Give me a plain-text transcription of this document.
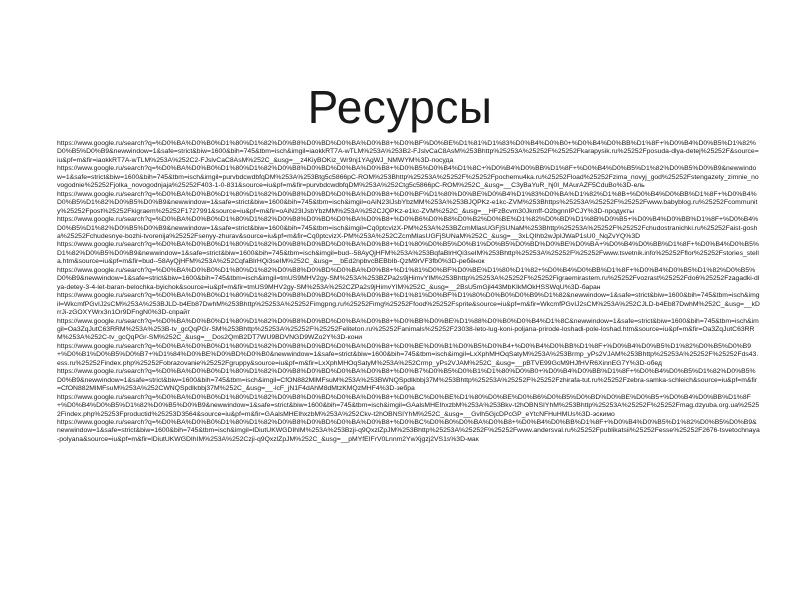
Ресурсы

https://www.google.ru/search?q=%D0%BA%D0%B0%D1%80%D1%82%D0%B8%D0%BD%D0%BA%D0%B8+%D0%BF%D0%BE%D1%81%D1%83%D0%B4%D0%B0+%D0%B4%D0%BB%D1%8F+%D0%B4%D0%B5%D1%82%D0%B5%D0%B9&newwindow=1&safe=strict&biw=1600&bih=745&tbm=isch&imgil=iaokkRT7A-wTLM%253A%253B2-FJslvCaC8AsM%253Bhttp%25253A%25252F%25252Fkarapysik.ru%25252Fposuda-dlya-detej%25252F&source=iu&pf=m&fir=iaokkRT7A-wTLM%253A%252C2-FJslvCaC8AsM%252C_&usg=__z4KiyBOKiz_Wr9nj1YAgWJ_NMWYM%3D-посуда

https://www.google.ru/search?q=%D0%BA%D0%B0%D1%80%D1%82%D0%B8%D0%BD%D0%BA%D0%B8+%D0%B5%D0%B4%D1%8C+%D0%B4%D0%BB%D1%8F+%D0%B4%D0%B5%D1%82%D0%B5%D0%B9&newwindow=1&safe=strict&biw=1600&bih=745&tbm=isch&imgil=purvbdcwdbfqDM%253A%253Btg5c5866pC-ROM%253Bhttp%25253A%25252F%25252Fpochemu4ka.ru%25252Fload%25252Fzima_novyj_god%25252Fstengazety_zimnie_novogodnie%25252Fjolka_novogodnjaja%25252F403-1-0-831&source=iu&pf=m&fir=purvbdcwdbfqDM%253A%252Ctg5c5866pC-ROM%252C_&usg=__C3yBaYuR_hj0I_MAurAZF5CduBo%3D-ель

https://www.google.ru/search?q=%D0%BA%D0%B0%D1%80%D1%82%D0%B8%D0%BD%D0%BA%D0%B8+%D0%BF%D1%80%D0%BE%D0%B4%D1%83%D0%BA%D1%82%D1%8B+%D0%B4%D0%BB%D1%8F+%D0%B4%D0%B5%D1%82%D0%B5%D0%B9&newwindow=1&safe=strict&biw=1600&bih=745&tbm=isch&imgil=oAiN23IJsbYbzMM%253A%253BJQPKz-e1kc-ZVM%253Bhttps%25253A%25252F%25252Fwww.babyblog.ru%25252Fcommunity%25252Fpost%25252Fkigraem%25252F1727991&source=iu&pf=m&fir=oAiN23IJsbYbzMM%253A%252CJQPKz-e1kc-ZVM%252C_&usg=__HFzBcvm30Jkmff-O2bgnnIPCJY%3D-продукты

https://www.google.ru/search?q=%D0%BA%D0%B0%D1%80%D1%82%D0%B8%D0%BD%D0%BA%D0%B8+%D0%B6%D0%B8%D0%B2%D0%BE%D1%82%D0%BD%D1%8B%D0%B5+%D0%B4%D0%BB%D1%8F+%D0%B4%D0%B5%D1%82%D0%B5%D0%B9&newwindow=1&safe=strict&biw=1600&bih=745&tbm=isch&imgil=Cq0ptcvizX-PM%253A%253BZcmMlasUGFjSUNaM%253Bhttp%25253A%25252F%25252Fchudostranichki.ru%25252Faist-gosha%25252Fchudesnye-bozhi-tvorenija%25252Fsenyy-zhurav&source=iu&pf=m&fir=Cq0ptcvizX-PM%253A%252CZcmMlasUGFjSUNaM%252C_&usg=__3xLQIhb2wJpIJWaP1sU0_NqZvYQ%3D

https://www.google.ru/search?q=%D0%BA%D0%B0%D1%80%D1%82%D0%B8%D0%BD%D0%BA%D0%B8+%D1%80%D0%B5%D0%B1%D0%B5%D0%BD%D0%BE%D0%BA+%D0%B4%D0%BB%D1%8F+%D0%B4%D0%B5%D1%82%D0%B5%D0%B9&newwindow=1&safe=strict&biw=1600&bih=745&tbm=isch&imgil=bud--58AyQjHFM%253A%253BqfaBlrHQi3seIM%253Bhttp%25253A%25252F%25252Fwww.tsvetnik.info%25252Fflor%25252Fstories_stella.htm&source=iu&pf=m&fir=bud--58AyQjHFM%253A%252CqfaBlrHQi3seIM%252C_&usg=__bEd2npbvcBEBbIb-QzM9rVF3fb0%3D-ребёнок

https://www.google.ru/search?q=%D0%BA%D0%B0%D1%80%D1%82%D0%B8%D0%BD%D0%BA%D0%B8+%D1%81%D0%BF%D0%BE%D1%80%D1%82+%D0%B4%D0%BB%D1%8F+%D0%B4%D0%B5%D1%82%D0%B5%D0%B9&newwindow=1&safe=strict&biw=1600&bih=745&tbm=isch&imgil=tmUS9MHV2gy-SM%253A%253BZPa2s9jHimvYIM%253Bhttp%25253A%25252F%25252Figraemirastem.ru%25252Fvozrast%25252Fdo6%25252Fzagadki-dlya-detey-3-4-let-baran-belochka-byichok&source=iu&pf=m&fir=tmUS9MHV2gy-SM%253A%252CZPa2s9jHimvYIM%252C_&usg=__2BsU5mGjl443MbKIkMOkHSSWqU%3D-баран

https://www.google.ru/search?q=%D0%BA%D0%B0%D1%80%D1%82%D0%B8%D0%BD%D0%BA%D0%B8+%D1%81%D0%BF%D1%80%D0%B0%D0%B9%D1%82&newwindow=1&safe=strict&biw=1600&bih=745&tbm=isch&imgil=WkcmfPGvIJ2sCM%253A%253BJLD-b4Eb87DwhM%253Bhttp%25253A%25252Fimgpng.ru%25252Fimg%25252Ffood%25252Fsprite&source=iu&pf=m&fir=WkcmfPGvIJ2sCM%253A%252CJLD-b4Eb87DwhM%252C_&usg=__kDrrJi-zGOXYWrx3n1Or9DFngN0%3D-спрайт

https://www.google.ru/search?q=%D0%BA%D0%B0%D1%80%D1%82%D0%B8%D0%BD%D0%BA%D0%B8+%D0%BB%D0%BE%D1%88%D0%B0%D0%B4%D1%8C&newwindow=1&safe=strict&biw=1600&bih=745&tbm=isch&imgil=Oa3ZqJutC63RRM%253A%253B-tv_gcQqPGr-SM%253Bhttp%25253A%25252F%25252Feliteton.ru%25252Fanimals%25252F23038-leto-lug-koni-poljana-prirode-loshadi-pole-loshad.htm&source=iu&pf=m&fir=Oa3ZqJutC63RRM%253A%252C-tv_gcQqPGr-SM%252C_&usg=__Dos2QmB2DT7WU9BDVNGD9WZo2Y%3D-кони

https://www.google.ru/search?q=%D0%BA%D0%B0%D1%80%D1%82%D0%B8%D0%BD%D0%BA%D0%B8+%D0%BE%D0%B1%D0%B5%D0%B4+%D0%B4%D0%BB%D1%8F+%D0%B4%D0%B5%D1%82%D0%B5%D0%B9+%D0%B1%D0%B5%D0%B7+%D1%84%D0%BE%D0%BD%D0%B0&newwindow=1&safe=strict&biw=1600&bih=745&tbm=isch&imgil=LxXphMHOqSatyM%253A%253Brmp_yPs2VJAM%253Bhttp%25253A%25252F%25252Fds43.ess.ru%25252Findex.php%25252Fobrazovanie%25252Fgruppy&source=iu&pf=m&fir=LxXphMHOqSatyM%253A%252Crmp_yPs2VJAM%252C_&usg=__pBTVE99GcM9HJfHVR6XinnEG7Y%3D-обед

https://www.google.ru/search?q=%D0%BA%D0%B0%D1%80%D1%82%D0%B8%D0%BD%D0%BA%D0%B8+%D0%B7%D0%B5%D0%B1%D1%80%D0%B0+%D0%B4%D0%BB%D1%8F+%D0%B4%D0%B5%D1%82%D0%B5%D0%B9&newwindow=1&safe=strict&biw=1600&bih=745&tbm=isch&imgil=CfON882MlMFsuM%253A%253BWNQSpdIkbbj37M%253Bhttp%25253A%25252F%25252Fzhirafa-tut.ru%25252Fzebra-samka-schleich&source=iu&pf=m&fir=CfON882MlMFsuM%253A%252CWNQSpdIkbbj37M%252C_&usg=__-lcF_jN1F4dAhM8dMtzKMQzMHF4%3D-зебра

https://www.google.ru/search?q=%D0%BA%D0%B0%D1%80%D1%82%D0%B8%D0%BD%D0%BA%D0%B8+%D0%BC%D0%BE%D1%80%D0%BE%D0%B6%D0%B5%D0%BD%D0%BE%D0%B5+%D0%B4%D0%BB%D1%8F+%D0%B4%D0%B5%D1%82%D0%B5%D0%B9&newwindow=1&safe=strict&biw=1600&bih=745&tbm=isch&imgil=GAalsMHEIhxzbM%253A%253Bkv-t2hOBNSIYhM%253Bhttp%25253A%25252F%25252Fmag.dzyuba.org.ua%25252Findex.php%25253Fproductid%25253D3564&source=iu&pf=m&fir=GAalsMHEIhxzbM%253A%252Ckv-t2hOBNSIYhM%252C_&usg=__Gvlh5GjcDPcGP_eYtcNFHuHMUs%3D-эскимо

https://www.google.ru/search?q=%D0%BA%D0%B0%D1%80%D1%82%D0%B8%D0%BD%D0%BA%D0%B8+%D0%BC%D0%B0%D0%BA%D0%B8+%D0%B4%D0%BB%D1%8F+%D0%B4%D0%B5%D1%82%D0%B5%D0%B9&newwindow=1&safe=strict&biw=1600&bih=745&tbm=isch&imgil=lDiutUKWGDIhIM%253A%253Bzji-q9QxzlZpJM%253Bhttp%25253A%25252F%25252Fwww.andersval.ru%25252Fpublikatsii%25252Fesse%25252F2676-tsvetochnaya-polyana&source=iu&pf=m&fir=lDiutUKWGDIhIM%253A%252Czji-q9QxzlZpJM%252C_&usg=__pMYfEIFrV0Lnnm2YwXjgzj2VS1s%3D-мак
